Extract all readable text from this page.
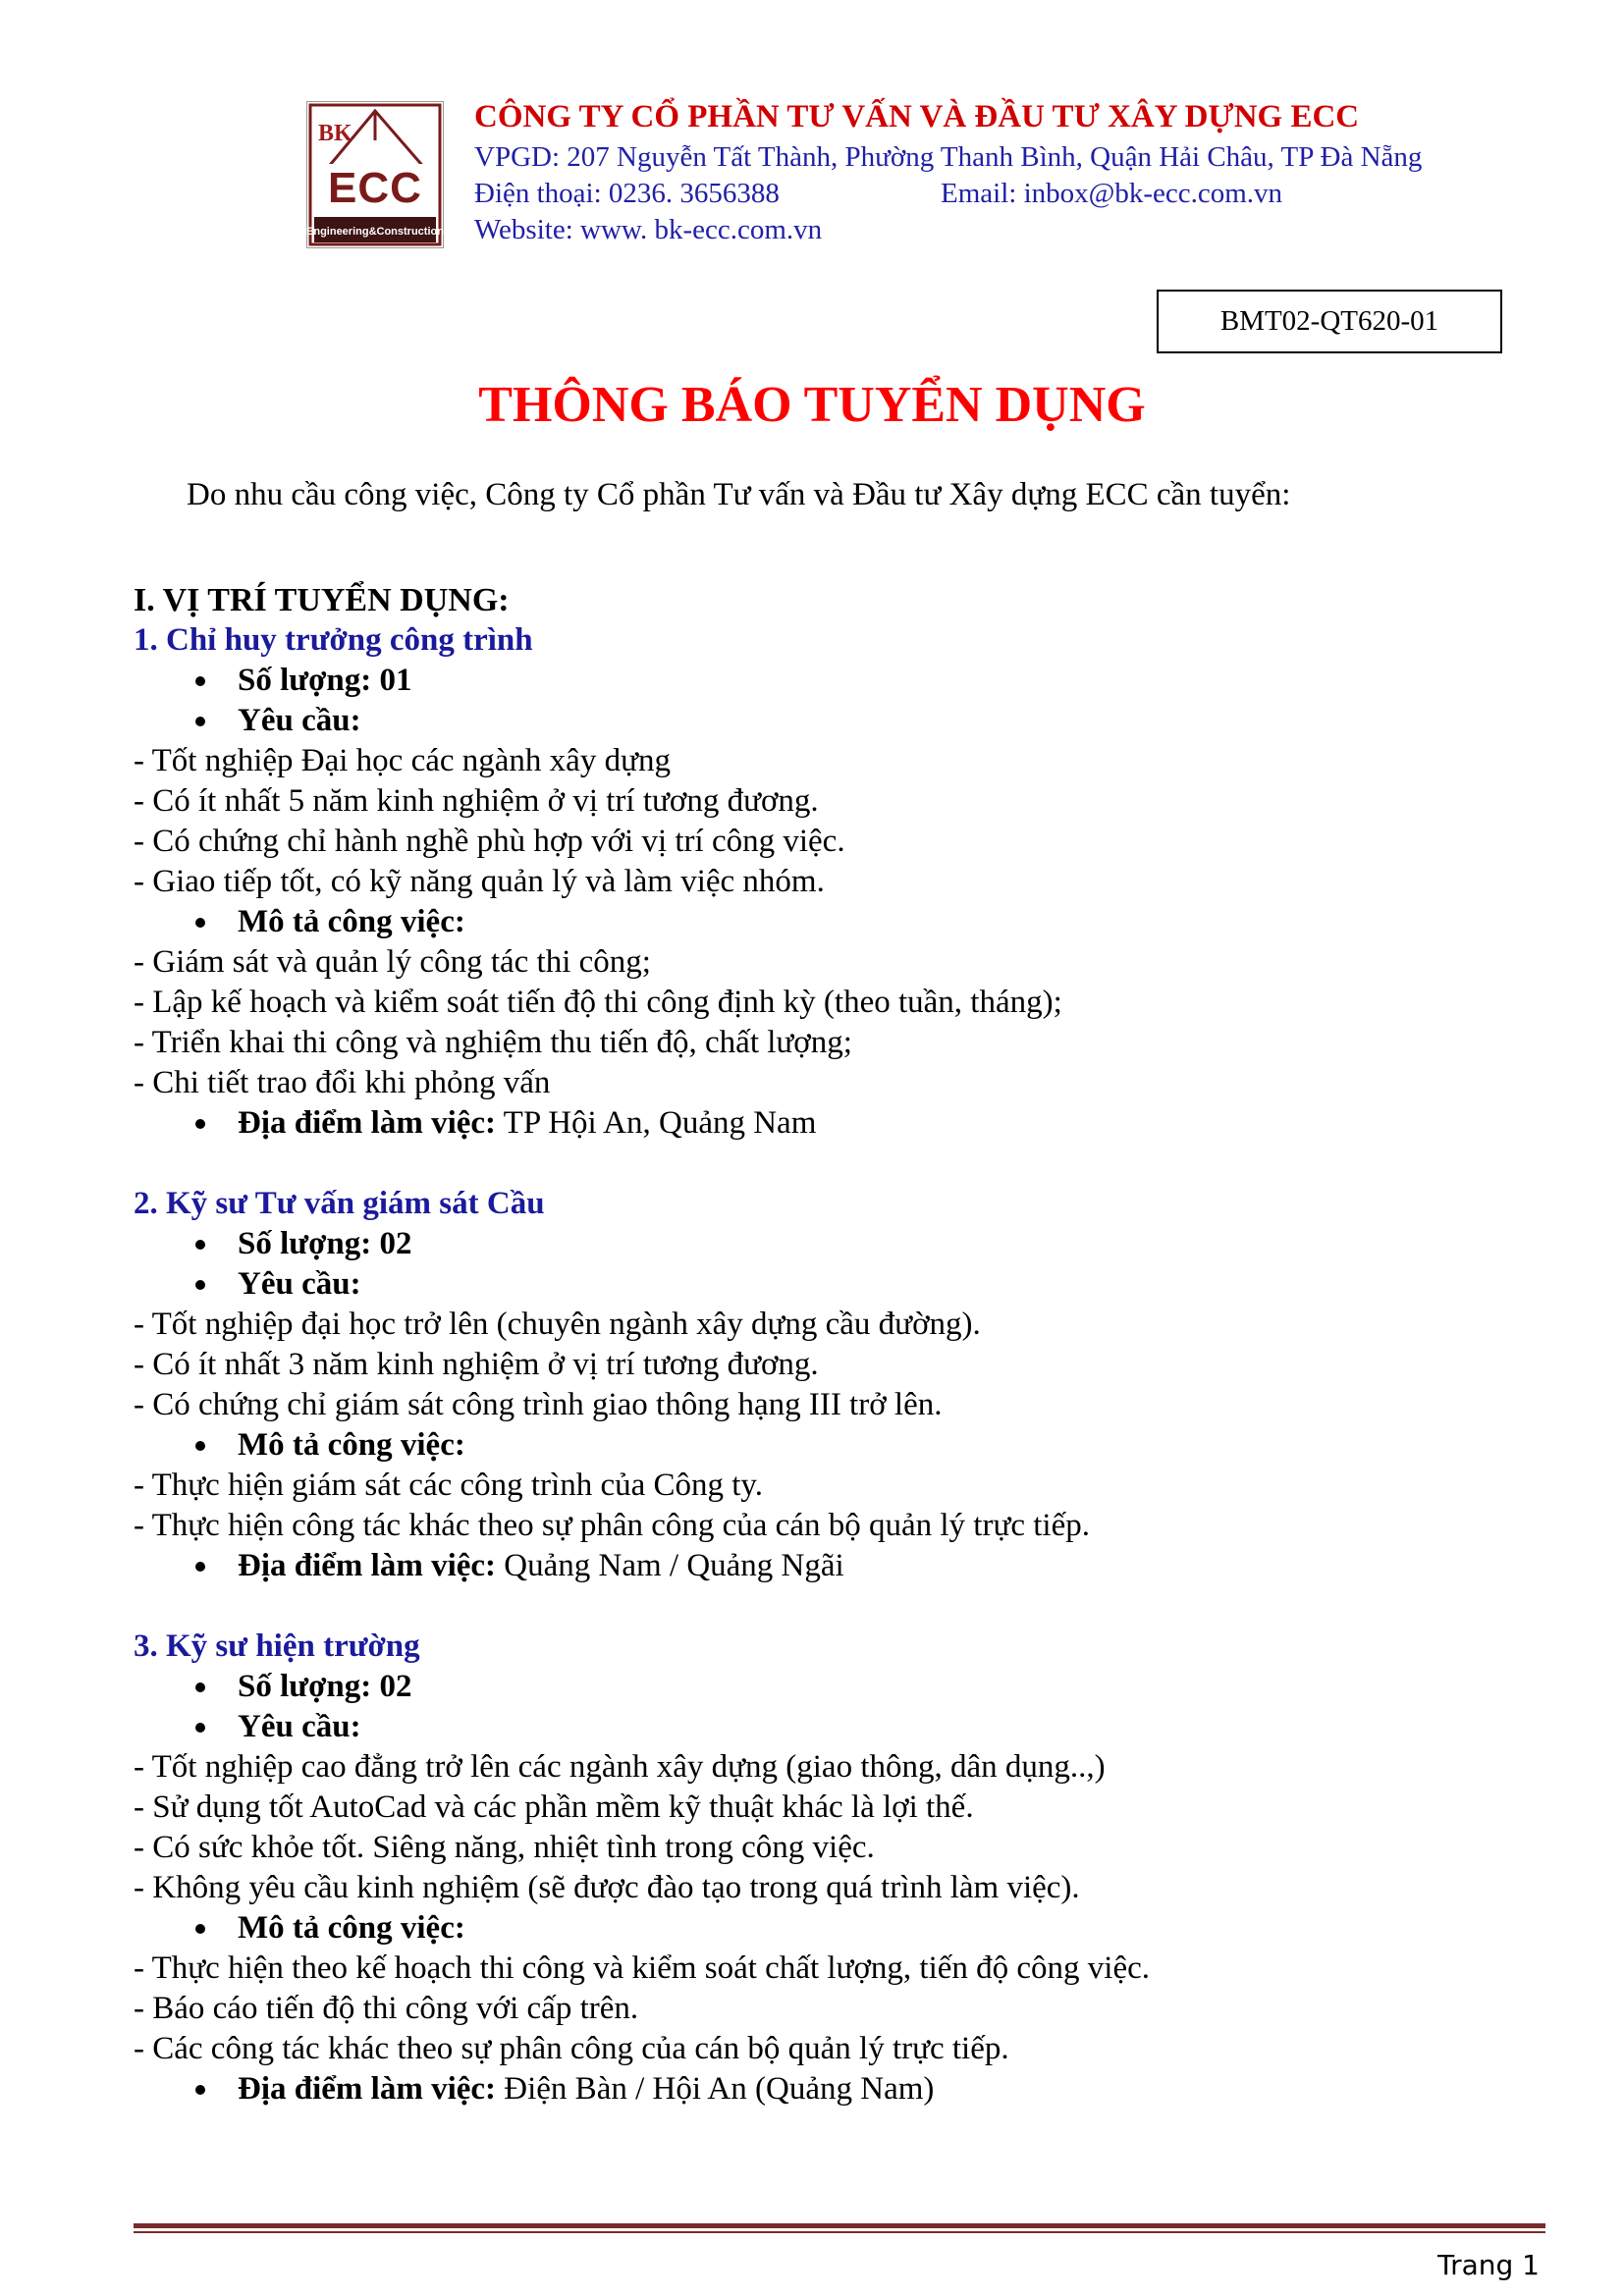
BK
ECC
Engineering&Construction
CÔNG TY CỔ PHẦN TƯ VẤN VÀ ĐẦU TƯ XÂY DỰNG ECC
VPGD: 207 Nguyễn Tất Thành, Phường Thanh Bình, Quận Hải Châu, TP Đà Nẵng
Điện thoại: 0236. 3656388	Email: inbox@bk-ecc.com.vn
Website: www. bk-ecc.com.vn
BMT02-QT620-01
THÔNG BÁO TUYỂN DỤNG
Do nhu cầu công việc, Công ty Cổ phần Tư vấn và Đầu tư Xây dựng ECC cần tuyển:
I. VỊ TRÍ TUYỂN DỤNG:
1. Chỉ huy trưởng công trình
Số lượng: 01
Yêu cầu:
- Tốt nghiệp Đại học các ngành xây dựng
- Có ít nhất 5 năm kinh nghiệm ở vị trí tương đương.
- Có chứng chỉ hành nghề phù hợp với vị trí công việc.
- Giao tiếp tốt, có kỹ năng quản lý và làm việc nhóm.
Mô tả công việc:
- Giám sát và quản lý công tác thi công;
- Lập kế hoạch và kiểm soát tiến độ thi công định kỳ (theo tuần, tháng);
- Triển khai thi công và nghiệm thu tiến độ, chất lượng;
- Chi tiết trao đổi khi phỏng vấn
Địa điểm làm việc: TP Hội An, Quảng Nam
2. Kỹ sư Tư vấn giám sát Cầu
Số lượng: 02
Yêu cầu:
- Tốt nghiệp đại học trở lên (chuyên ngành xây dựng cầu đường).
- Có ít nhất 3 năm kinh nghiệm ở vị trí tương đương.
- Có chứng chỉ giám sát công trình giao thông hạng III trở lên.
Mô tả công việc:
- Thực hiện giám sát các công trình của Công ty.
- Thực hiện công tác khác theo sự phân công của cán bộ quản lý trực tiếp.
Địa điểm làm việc: Quảng Nam / Quảng Ngãi
3. Kỹ sư hiện trường
Số lượng: 02
Yêu cầu:
- Tốt nghiệp cao đẳng trở lên các ngành xây dựng (giao thông, dân dụng..,)
- Sử dụng tốt AutoCad và các phần mềm kỹ thuật khác là lợi thế.
- Có sức khỏe tốt. Siêng năng, nhiệt tình trong công việc.
- Không yêu cầu kinh nghiệm (sẽ được đào tạo trong quá trình làm việc).
Mô tả công việc:
- Thực hiện theo kế hoạch thi công và kiểm soát chất lượng, tiến độ công việc.
- Báo cáo tiến độ thi công với cấp trên.
- Các công tác khác theo sự phân công của cán bộ quản lý trực tiếp.
Địa điểm làm việc: Điện Bàn / Hội An (Quảng Nam)
Trang 1
